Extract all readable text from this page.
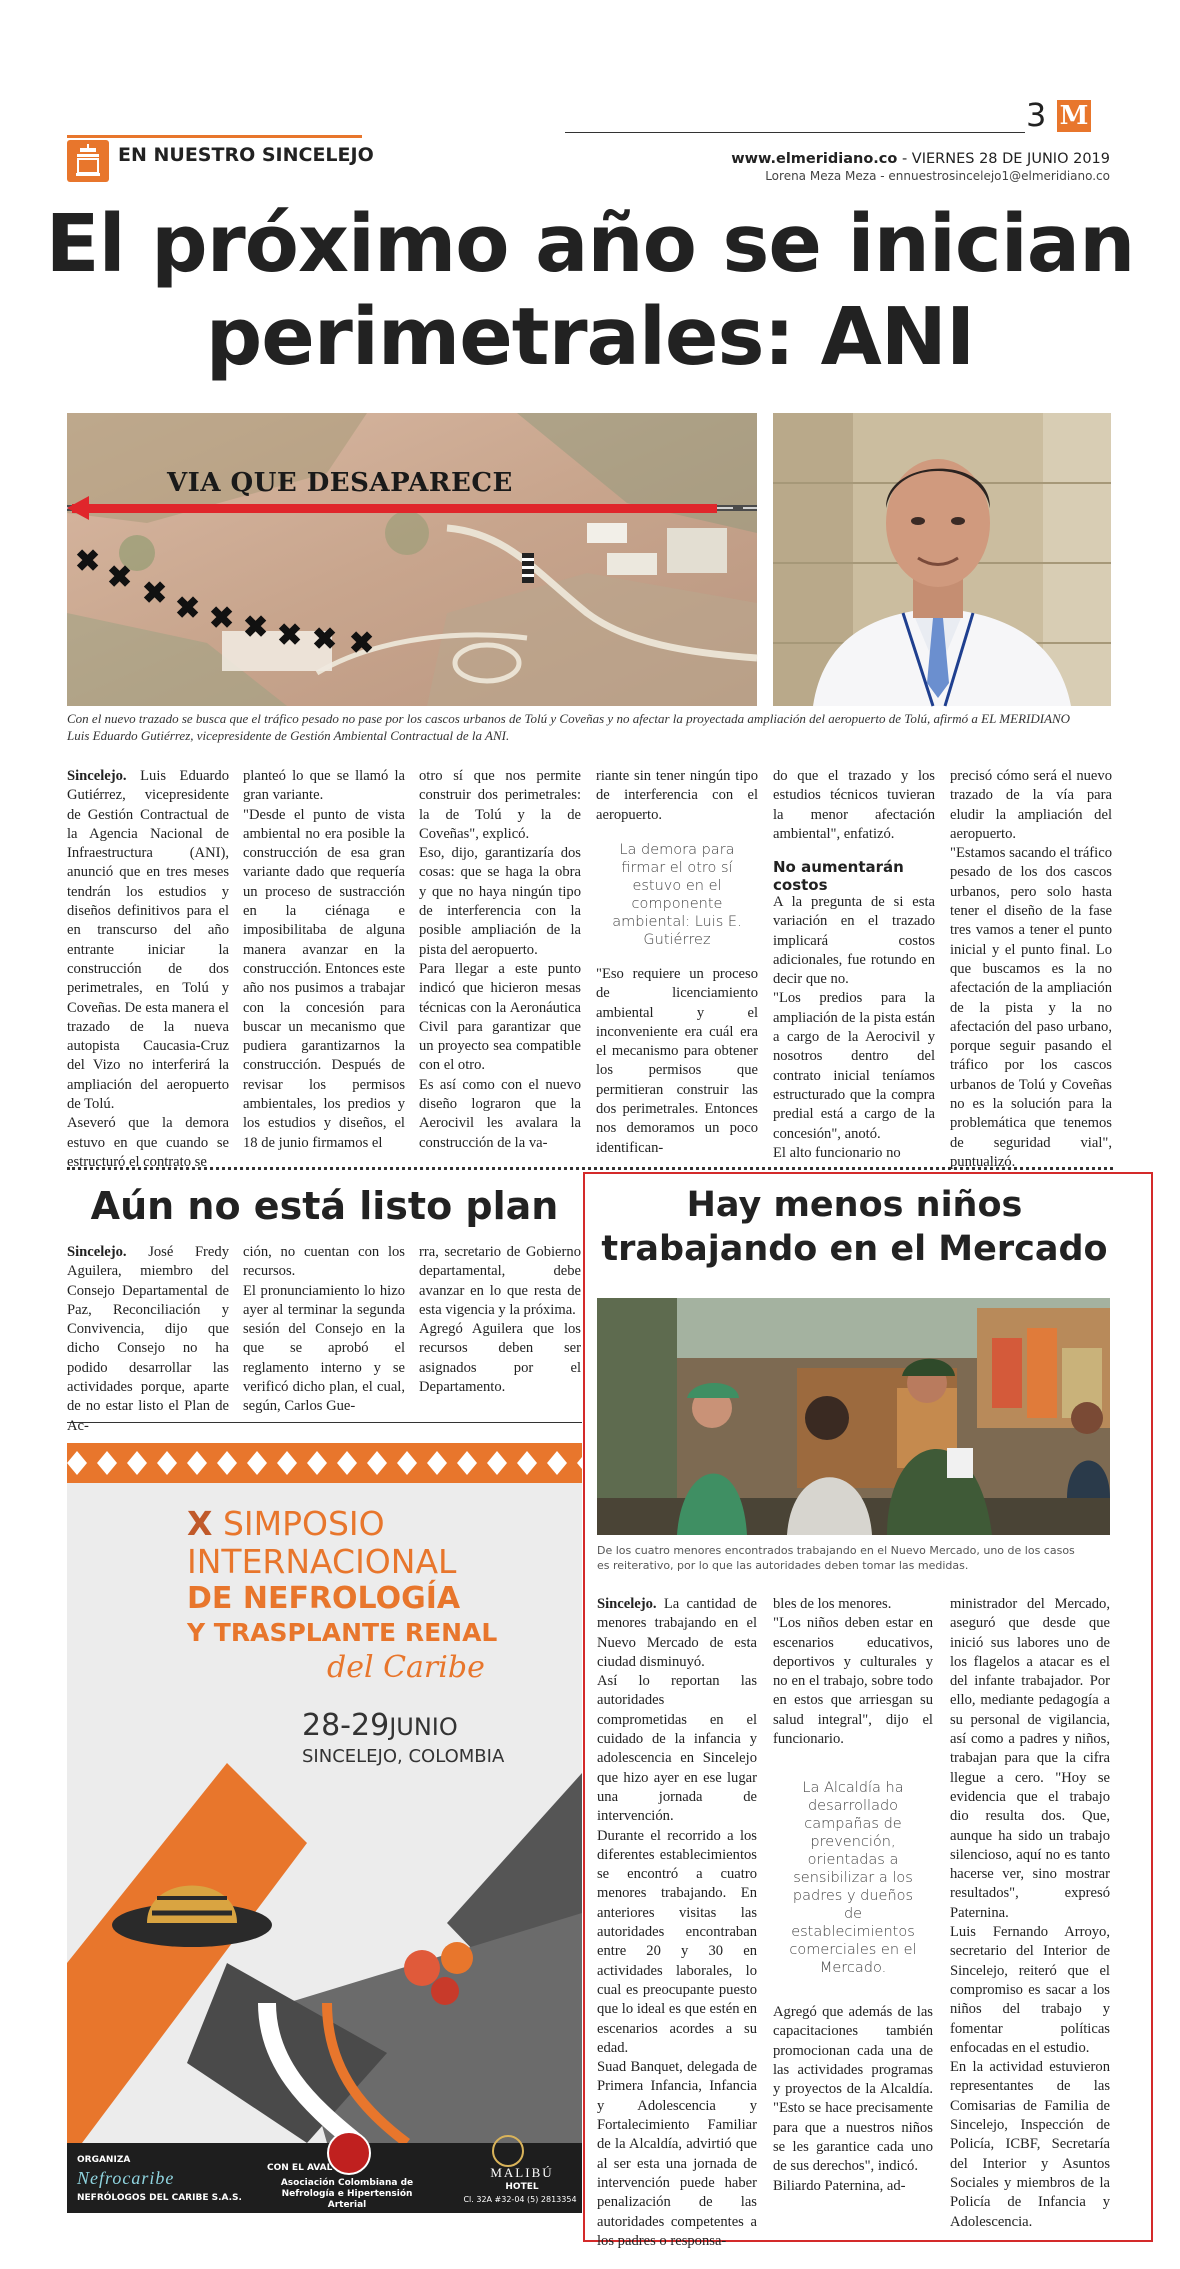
3 M
EN NUESTRO SINCELEJO	www.elmeridiano.co - VIERNES 28 DE JUNIO 2019
Lorena Meza Meza - ennuestrosincelejo1@elmeridiano.co
El próximo año se inician
perimetrales: ANI
✖ ✖ ✖ ✖ ✖ ✖ ✖ ✖ ✖
VIA QUE DESAPARECE
Con el nuevo trazado se busca que el tráfico pesado no pase por los cascos urbanos de Tolú y Coveñas y no afectar la proyectada ampliación del aeropuerto de Tolú, afirmó a EL MERIDIANO
Luis Eduardo Gutiérrez, vicepresidente de Gestión Ambiental Contractual de la ANI.
Sincelejo. Luis Eduardo Gutiérrez, vicepresidente de Gestión Contractual de la Agencia Nacional de Infraestructura (ANI), anunció que en tres meses tendrán los estudios y diseños definitivos para el en transcurso del año entrante iniciar la construcción de dos perimetrales, en Tolú y Coveñas. De esta manera el trazado de la nueva autopista Caucasia-Cruz del Vizo no interferirá la ampliación del aeropuerto de Tolú.
Aseveró que la demora estuvo en que cuando se estructuró el contrato se
planteó lo que se llamó la gran variante.
"Desde el punto de vista ambiental no era posible la construcción de esa gran variante dado que requería un proceso de sustracción en la ciénaga e imposibilitaba de alguna manera avanzar en la construcción. Entonces este año nos pusimos a trabajar con la concesión para buscar un mecanismo que pudiera garantizarnos la construcción. Después de revisar los permisos ambientales, los predios y los estudios y diseños, el 18 de junio firmamos el
otro sí que nos permite construir dos perimetrales: la de Tolú y la de Coveñas", explicó.
Eso, dijo, garantizaría dos cosas: que se haga la obra y que no haya ningún tipo de interferencia con la posible ampliación de la pista del aeropuerto.
Para llegar a este punto indicó que hicieron mesas técnicas con la Aeronáutica Civil para garantizar que un proyecto sea compatible con el otro.
Es así como con el nuevo diseño lograron que la Aerocivil les avalara la construcción de la va-
riante sin tener ningún tipo de interferencia con el aeropuerto.
La demora para firmar el otro sí estuvo en el componente ambiental: Luis E. Gutiérrez
"Eso requiere un proceso de licenciamiento ambiental y el inconveniente era cuál era el mecanismo para obtener los permisos que permitieran construir las dos perimetrales. Entonces nos demoramos un poco identifican-
do que el trazado y los estudios técnicos tuvieran la menor afectación ambiental", enfatizó.
No aumentarán costos
A la pregunta de si esta variación en el trazado implicará costos adicionales, fue rotundo en decir que no.
"Los predios para la ampliación de la pista están a cargo de la Aerocivil y nosotros dentro del contrato inicial teníamos estructurado que la compra predial está a cargo de la concesión", anotó.
El alto funcionario no
precisó cómo será el nuevo trazado de la vía para eludir la ampliación del aeropuerto.
"Estamos sacando el tráfico pesado de los dos cascos urbanos, pero solo hasta tener el diseño de la fase tres vamos a tener el punto inicial y el punto final. Lo que buscamos es la no afectación de la ampliación de la pista y la no afectación del paso urbano, porque seguir pasando el tráfico por los cascos urbanos de Tolú y Coveñas no es la solución para la problemática que tenemos de seguridad vial", puntualizó.
Aún no está listo plan
Sincelejo. José Fredy Aguilera, miembro del Consejo Departamental de Paz, Reconciliación y Convivencia, dijo que dicho Consejo no ha podido desarrollar las actividades porque, aparte de no estar listo el Plan de Ac-
ción, no cuentan con los recursos.
El pronunciamiento lo hizo ayer al terminar la segunda sesión del Consejo en la que se aprobó el reglamento interno y se verificó dicho plan, el cual, según, Carlos Gue-
rra, secretario de Gobierno departamental, debe avanzar en lo que resta de esta vigencia y la próxima.
Agregó Aguilera que los recursos deben ser asignados por el Departamento.
X SIMPOSIO
INTERNACIONAL
DE NEFROLOGÍA
Y TRASPLANTE RENAL
del Caribe
28-29JUNIO
SINCELEJO, COLOMBIA
ORGANIZA
Nefrocaribe
NEFRÓLOGOS DEL CARIBE S.A.S.
CON EL AVAL
Asociación Colombiana de
Nefrología e Hipertensión Arterial
MALIBÚ
HOTEL
Cl. 32A #32-04 (5) 2813354
Hay menos niños
trabajando en el Mercado
De los cuatro menores encontrados trabajando en el Nuevo Mercado, uno de los casos
es reiterativo, por lo que las autoridades deben tomar las medidas.
Sincelejo. La cantidad de menores trabajando en el Nuevo Mercado de esta ciudad disminuyó.
Así lo reportan las autoridades comprometidas en el cuidado de la infancia y adolescencia en Sincelejo que hizo ayer en ese lugar una jornada de intervención.
Durante el recorrido a los diferentes establecimientos se encontró a cuatro menores trabajando. En anteriores visitas las autoridades encontraban entre 20 y 30 en actividades laborales, lo cual es preocupante puesto que lo ideal es que estén en escenarios acordes a su edad.
Suad Banquet, delegada de Primera Infancia, Infancia y Adolescencia y Fortalecimiento Familiar de la Alcaldía, advirtió que al ser esta una jornada de intervención puede haber penalización de las autoridades competentes a los padres o responsa-
bles de los menores.
"Los niños deben estar en escenarios educativos, deportivos y culturales y no en el trabajo, sobre todo en estos que arriesgan su salud integral", dijo el funcionario.
La Alcaldía ha desarrollado campañas de prevención, orientadas a sensibilizar a los padres y dueños de establecimientos comerciales en el Mercado.
Agregó que además de las capacitaciones también promocionan cada una de las actividades programas y proyectos de la Alcaldía. "Esto se hace precisamente para que a nuestros niños se les garantice cada uno de sus derechos", indicó.
Biliardo Paternina, ad-
ministrador del Mercado, aseguró que desde que inició sus labores uno de los flagelos a atacar es el del infante trabajador. Por ello, mediante pedagogía a su personal de vigilancia, así como a padres y niños, trabajan para que la cifra llegue a cero. "Hoy se evidencia que el trabajo dio resulta dos. Que, aunque ha sido un trabajo silencioso, aquí no es tanto hacerse ver, sino mostrar resultados", expresó Paternina.
Luis Fernando Arroyo, secretario del Interior de Sincelejo, reiteró que el compromiso es sacar a los niños del trabajo y fomentar políticas enfocadas en el estudio.
En la actividad estuvieron representantes de las Comisarias de Familia de Sincelejo, Inspección de Policía, ICBF, Secretaría del Interior y Asuntos Sociales y miembros de la Policía de Infancia y Adolescencia.
